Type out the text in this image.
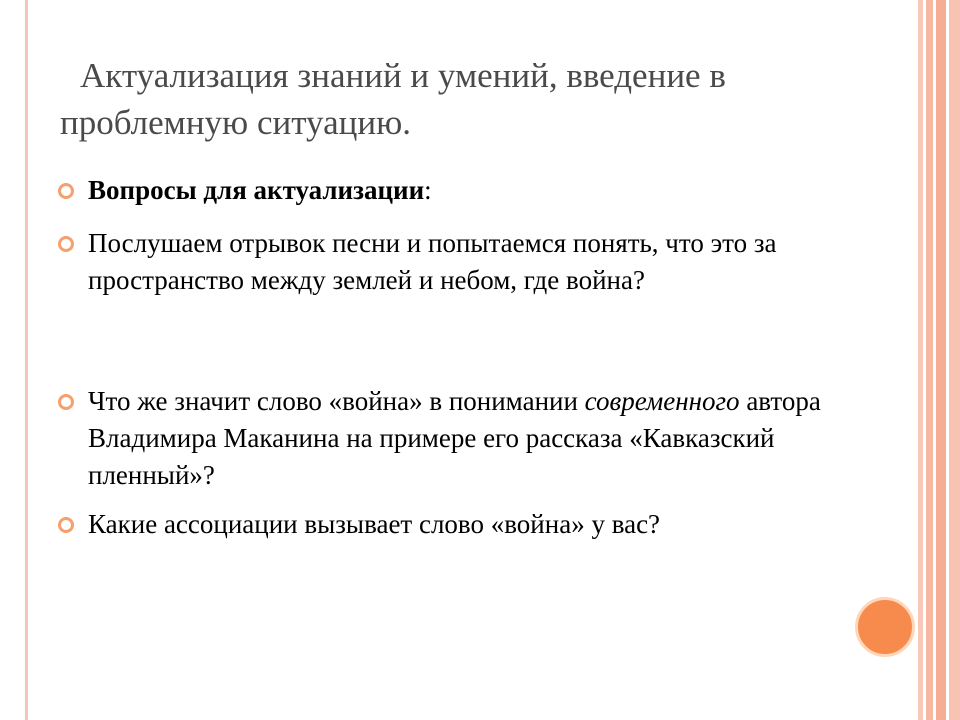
Актуализация знаний и умений, введение в проблемную ситуацию.
Вопросы для актуализации:
Послушаем отрывок песни и попытаемся понять, что это за пространство между землей и небом, где война?
Что же значит слово «война» в понимании современного автора Владимира Маканина на примере его рассказа «Кавказский пленный»?
Какие ассоциации вызывает слово «война» у вас?
